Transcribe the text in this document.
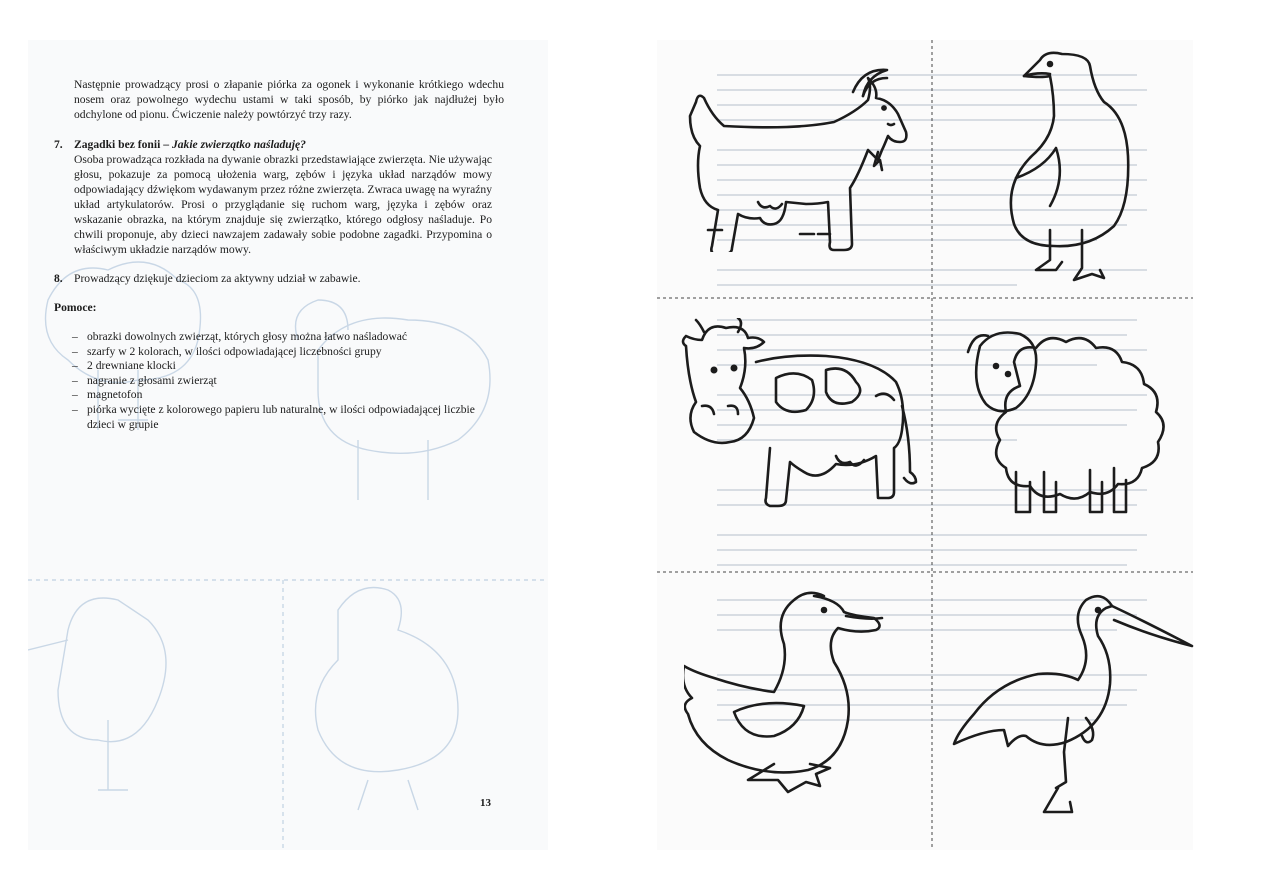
Następnie prowadzący prosi o złapanie piórka za ogonek i wykonanie krótkiego wdechu nosem oraz powolnego wydechu ustami w taki sposób, by piórko jak najdłużej było odchylone od pionu. Ćwiczenie należy powtórzyć trzy razy.

7. Zagadki bez fonii – Jakie zwierzątko naśladuję?
Osoba prowadząca rozkłada na dywanie obrazki przedstawiające zwierzęta. Nie używając głosu, pokazuje za pomocą ułożenia warg, zębów i języka układ narządów mowy odpowiadający dźwiękom wydawanym przez różne zwierzęta. Zwraca uwagę na wyraźny układ artykulatorów. Prosi o przyglądanie się ruchom warg, języka i zębów oraz wskazanie obrazka, na którym znajduje się zwierzątko, którego odgłosy naśladuje. Po chwili proponuje, aby dzieci nawzajem zadawały sobie podobne zagadki. Przypomina o właściwym układzie narządów mowy.
8. Prowadzący dziękuje dzieciom za aktywny udział w zabawie.
Pomoce:
– obrazki dowolnych zwierząt, których głosy można łatwo naśladować
– szarfy w 2 kolorach, w ilości odpowiadającej liczebności grupy
– 2 drewniane klocki
– nagranie z głosami zwierząt
– magnetofon
– piórka wycięte z kolorowego papieru lub naturalne, w ilości odpowiadającej liczbie dzieci w grupie
13
